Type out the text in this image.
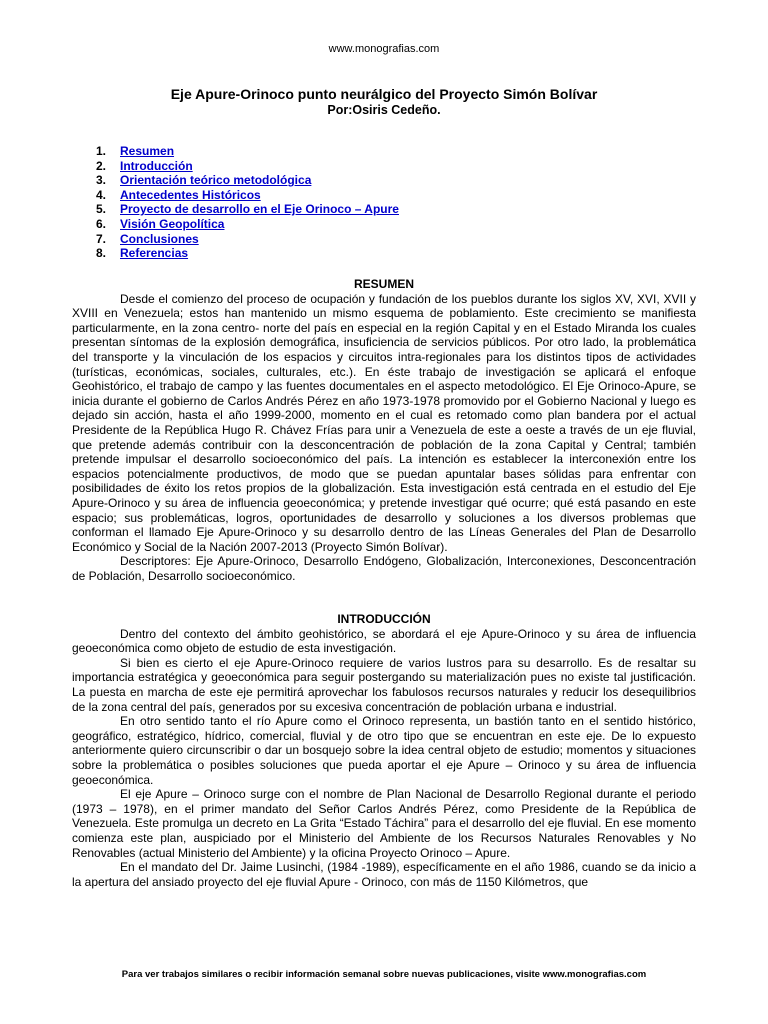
www.monografias.com
Eje Apure-Orinoco punto neurálgico del Proyecto Simón Bolívar
Por:Osiris Cedeño.
1.	Resumen
2.	Introducción
3.	Orientación teórico metodológica
4.	Antecedentes Históricos
5.	Proyecto de desarrollo en el Eje Orinoco – Apure
6.	Visión Geopolítica
7.	Conclusiones
8.	Referencias
RESUMEN

Desde el comienzo del proceso de ocupación y fundación de los pueblos durante los siglos XV, XVI, XVII y XVIII en Venezuela; estos han mantenido un mismo esquema de poblamiento. Este crecimiento se manifiesta particularmente, en la zona centro- norte del país en especial en la región Capital y en el Estado Miranda los cuales presentan síntomas de la explosión demográfica, insuficiencia de servicios públicos. Por otro lado, la problemática del transporte y la vinculación de los espacios y circuitos intra-regionales para los distintos tipos de actividades (turísticas, económicas, sociales, culturales, etc.). En éste trabajo de investigación se aplicará el enfoque Geohistórico, el trabajo de campo y las fuentes documentales en el aspecto metodológico. El Eje Orinoco-Apure, se inicia durante el gobierno de Carlos Andrés Pérez en año 1973-1978 promovido por el Gobierno Nacional y luego es dejado sin acción, hasta el año 1999-2000, momento en el cual es retomado como plan bandera por el actual Presidente de la República Hugo R. Chávez Frías para unir a Venezuela de este a oeste a través de un eje fluvial, que pretende además contribuir con la desconcentración de población de la zona Capital y Central; también pretende impulsar el desarrollo socioeconómico del país. La intención es establecer la interconexión entre los espacios potencialmente productivos, de modo que se puedan apuntalar bases sólidas para enfrentar con posibilidades de éxito los retos propios de la globalización. Esta investigación está centrada en el estudio del Eje Apure-Orinoco y su área de influencia geoeconómica; y pretende investigar qué ocurre; qué está pasando en este espacio; sus problemáticas, logros, oportunidades de desarrollo y soluciones a los diversos problemas que conforman el llamado Eje Apure-Orinoco y su desarrollo dentro de las Líneas Generales del Plan de Desarrollo Económico y Social de la Nación 2007-2013 (Proyecto Simón Bolívar).

Descriptores: Eje Apure-Orinoco, Desarrollo Endógeno, Globalización, Interconexiones, Desconcentración de Población, Desarrollo socioeconómico.

INTRODUCCIÓN

Dentro del contexto del ámbito geohistórico, se abordará el eje Apure-Orinoco y su área de influencia geoeconómica como objeto de estudio de esta investigación.

Si bien es cierto el eje Apure-Orinoco requiere de varios lustros para su desarrollo. Es de resaltar su importancia estratégica y geoeconómica para seguir postergando su materialización pues no existe tal justificación. La puesta en marcha de este eje permitirá aprovechar los fabulosos recursos naturales y reducir los desequilibrios de la zona central del país, generados por su excesiva concentración de población urbana e industrial.

En otro sentido tanto el río Apure como el Orinoco representa, un bastión tanto en el sentido histórico, geográfico, estratégico, hídrico, comercial, fluvial y de otro tipo que se encuentran en este eje. De lo expuesto anteriormente quiero circunscribir o dar un bosquejo sobre la idea central objeto de estudio; momentos y situaciones sobre la problemática o posibles soluciones que pueda aportar el eje Apure – Orinoco y su área de influencia geoeconómica.

El eje Apure – Orinoco surge con el nombre de Plan Nacional de Desarrollo Regional durante el periodo (1973 – 1978), en el primer mandato del Señor Carlos Andrés Pérez, como Presidente de la República de Venezuela. Este promulga un decreto en La Grita “Estado Táchira” para el desarrollo del eje fluvial. En ese momento comienza este plan, auspiciado por el Ministerio del Ambiente de los Recursos Naturales Renovables y No Renovables (actual Ministerio del Ambiente) y la oficina Proyecto Orinoco – Apure.

En el mandato del Dr. Jaime Lusinchi, (1984 -1989), específicamente en el año 1986, cuando se da inicio a la apertura del ansiado proyecto del eje fluvial Apure - Orinoco, con más de 1150 Kilómetros, que

Para ver trabajos similares o recibir información semanal sobre nuevas publicaciones, visite www.monografias.com
